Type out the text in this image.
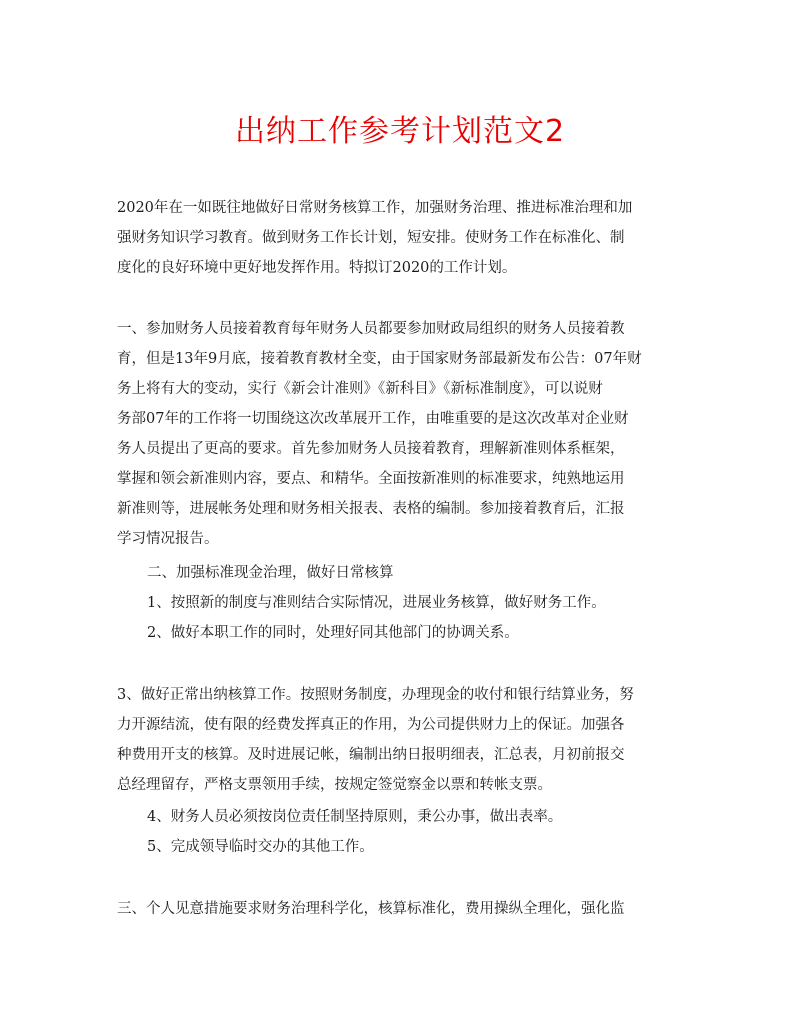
出纳工作参考计划范文2
2020年在一如既往地做好日常财务核算工作，加强财务治理、推进标准治理和加
强财务知识学习教育。做到财务工作长计划，短安排。使财务工作在标准化、制
度化的良好环境中更好地发挥作用。特拟订2020的工作计划。
一、参加财务人员接着教育每年财务人员都要参加财政局组织的财务人员接着教
育，但是13年9月底，接着教育教材全变，由于国家财务部最新发布公告：07年财
务上将有大的变动，实行《新会计准则》《新科目》《新标准制度》，可以说财
务部07年的工作将一切围绕这次改革展开工作，由唯重要的是这次改革对企业财
务人员提出了更高的要求。首先参加财务人员接着教育，理解新准则体系框架，
掌握和领会新准则内容，要点、和精华。全面按新准则的标准要求，纯熟地运用
新准则等，进展帐务处理和财务相关报表、表格的编制。参加接着教育后，汇报
学习情况报告。
二、加强标准现金治理，做好日常核算
1、按照新的制度与准则结合实际情况，进展业务核算，做好财务工作。
2、做好本职工作的同时，处理好同其他部门的协调关系。
3、做好正常出纳核算工作。按照财务制度，办理现金的收付和银行结算业务，努
力开源结流，使有限的经费发挥真正的作用，为公司提供财力上的保证。加强各
种费用开支的核算。及时进展记帐，编制出纳日报明细表，汇总表，月初前报交
总经理留存，严格支票领用手续，按规定签觉察金以票和转帐支票。
4、财务人员必须按岗位责任制坚持原则，秉公办事，做出表率。
5、完成领导临时交办的其他工作。
三、个人见意措施要求财务治理科学化，核算标准化，费用操纵全理化，强化监
